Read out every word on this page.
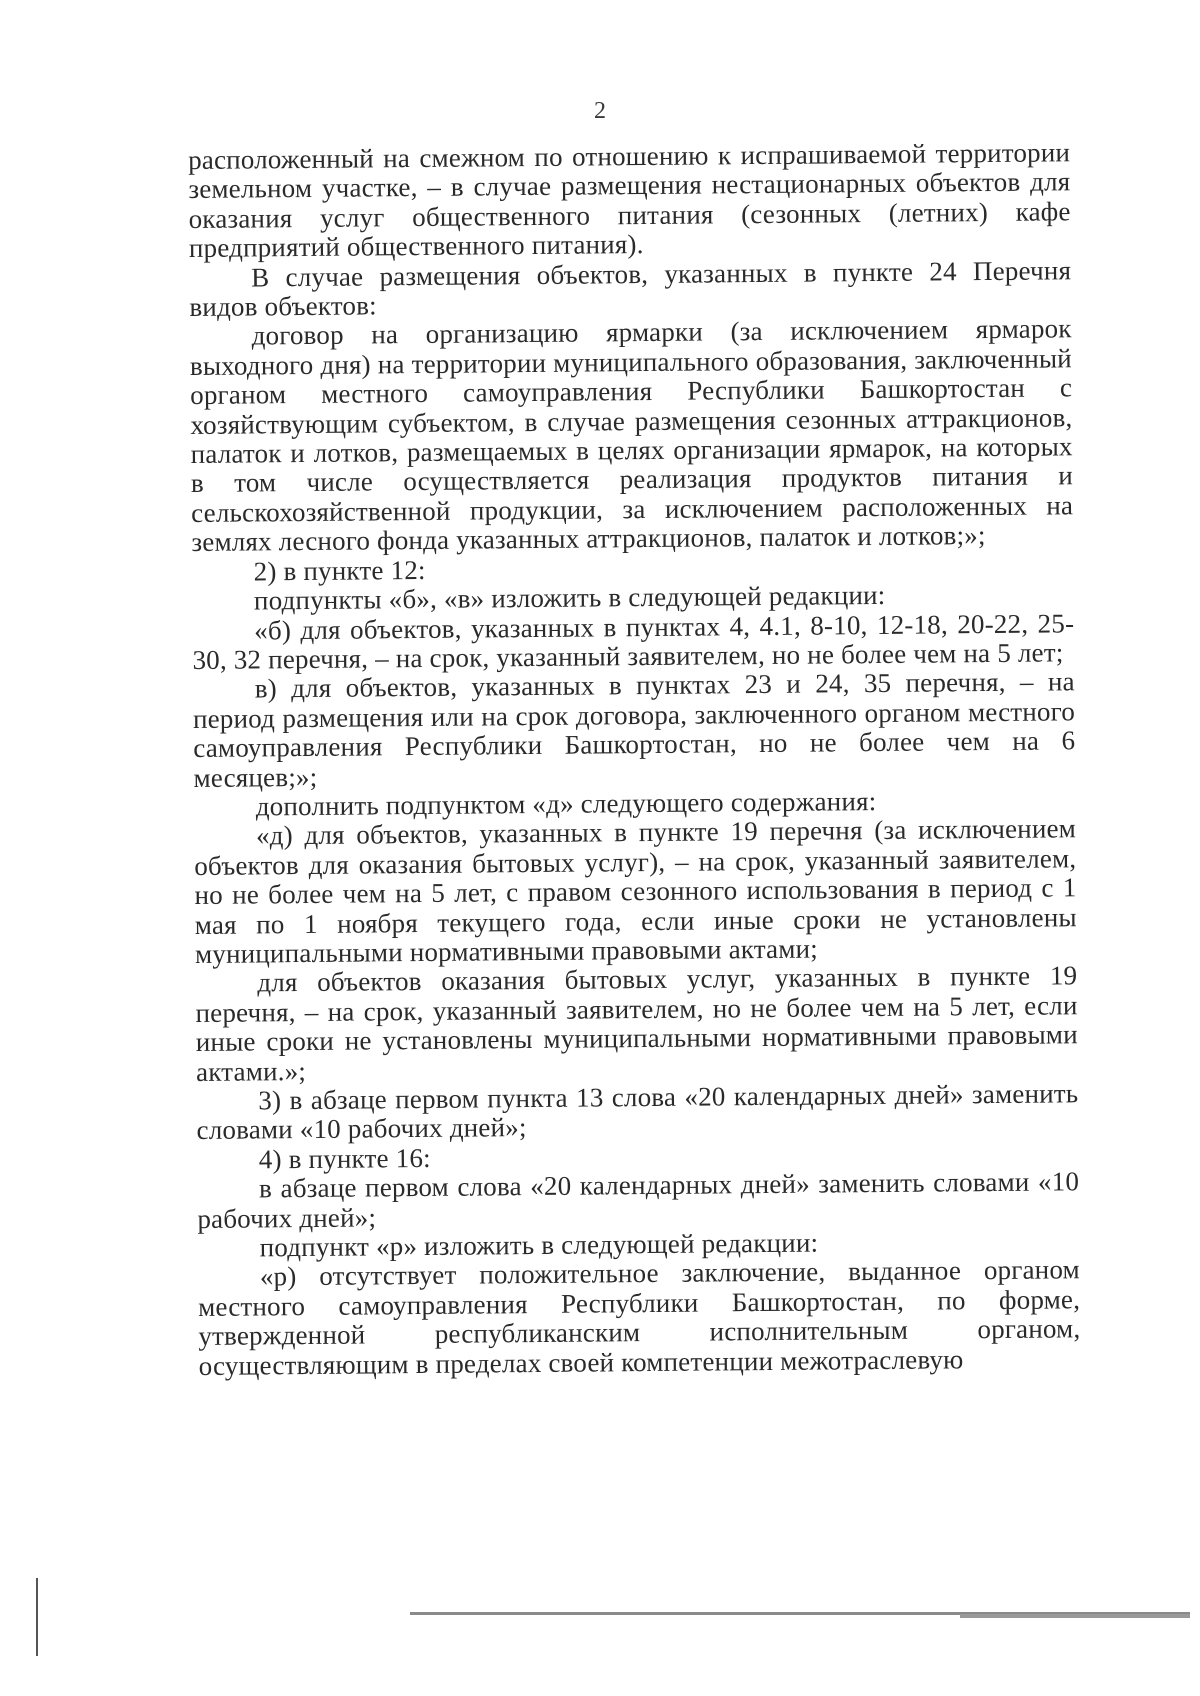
2

расположенный на смежном по отношению к испрашиваемой территории земельном участке, – в случае размещения нестационарных объектов для оказания услуг общественного питания (сезонных (летних) кафе предприятий общественного питания).

В случае размещения объектов, указанных в пункте 24 Перечня видов объектов:

договор на организацию ярмарки (за исключением ярмарок выходного дня) на территории муниципального образования, заключенный органом местного самоуправления Республики Башкортостан с хозяйствующим субъектом, в случае размещения сезонных аттракционов, палаток и лотков, размещаемых в целях организации ярмарок, на которых в том числе осуществляется реализация продуктов питания и сельскохозяйственной продукции, за исключением расположенных на землях лесного фонда указанных аттракционов, палаток и лотков;»;

2) в пункте 12:

подпункты «б», «в» изложить в следующей редакции:

«б) для объектов, указанных в пунктах 4, 4.1, 8-10, 12-18, 20-22, 25-30, 32 перечня, – на срок, указанный заявителем, но не более чем на 5 лет;

в) для объектов, указанных в пунктах 23 и 24, 35 перечня, – на период размещения или на срок договора, заключенного органом местного самоуправления Республики Башкортостан, но не более чем на 6 месяцев;»;

дополнить подпунктом «д» следующего содержания:

«д) для объектов, указанных в пункте 19 перечня (за исключением объектов для оказания бытовых услуг), – на срок, указанный заявителем, но не более чем на 5 лет, с правом сезонного использования в период с 1 мая по 1 ноября текущего года, если иные сроки не установлены муниципальными нормативными правовыми актами;

для объектов оказания бытовых услуг, указанных в пункте 19 перечня, – на срок, указанный заявителем, но не более чем на 5 лет, если иные сроки не установлены муниципальными нормативными правовыми актами.»;

3) в абзаце первом пункта 13 слова «20 календарных дней» заменить словами «10 рабочих дней»;

4) в пункте 16:

в абзаце первом слова «20 календарных дней» заменить словами «10 рабочих дней»;

подпункт «р» изложить в следующей редакции:

«р) отсутствует положительное заключение, выданное органом местного самоуправления Республики Башкортостан, по форме, утвержденной республиканским исполнительным органом, осуществляющим в пределах своей компетенции межотраслевую
